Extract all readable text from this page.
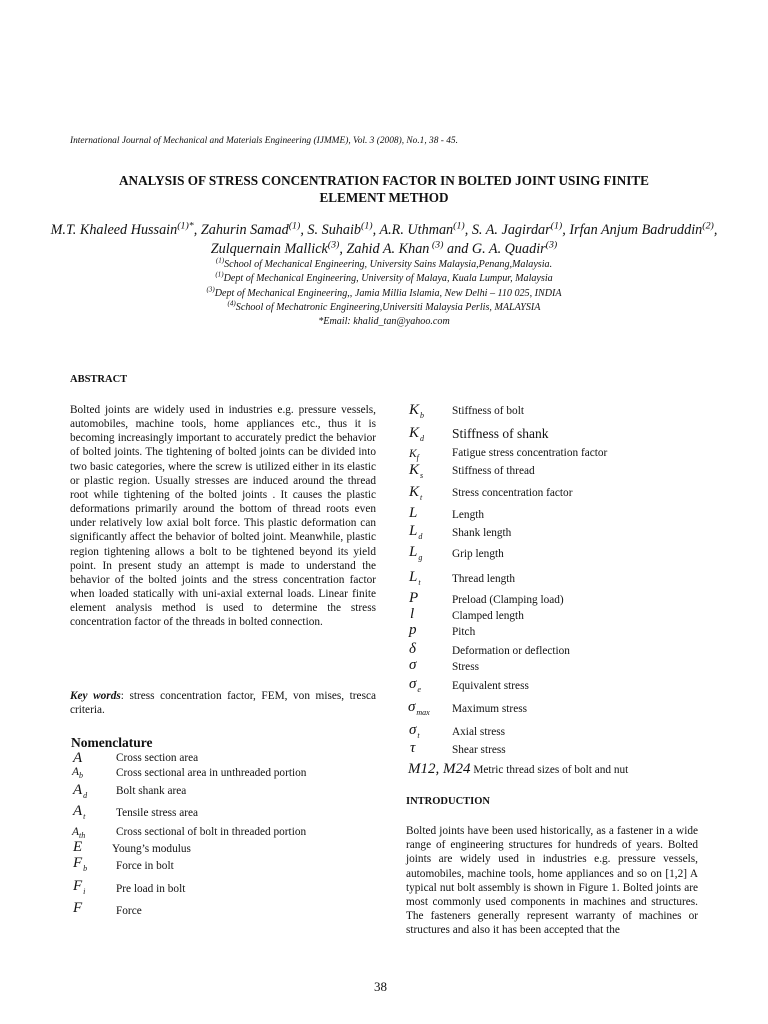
International Journal of Mechanical and Materials Engineering (IJMME), Vol. 3 (2008), No.1, 38 - 45.
ANALYSIS OF STRESS CONCENTRATION FACTOR IN BOLTED JOINT USING FINITE
ELEMENT METHOD
M.T. Khaleed Hussain$^{(1)*}$, Zahurin Samad$^{(1)}$, S. Suhaib$^{(1)}$, A.R. Uthman$^{(1)}$, S. A. Jagirdar$^{(1)}$, Irfan Anjum Badruddin$^{(2)}$, Zulquernain Mallick$^{(3)}$, Zahid A. Khan $^{(3)}$ and G. A. Quadir$^{(3)}$
$^{(1)}$School of Mechanical Engineering, University Sains Malaysia,Penang,Malaysia.
$^{(1)}$Dept of Mechanical Engineering, University of Malaya, Kuala Lumpur, Malaysia
$^{(3)}$Dept of Mechanical Engineering,, Jamia Millia Islamia, New Delhi – 110 025, INDIA
$^{(4)}$School of Mechatronic Engineering,Universiti Malaysia Perlis, MALAYSIA
*Email: khalid_tan@yahoo.com
ABSTRACT
Bolted joints are widely used in industries e.g. pressure vessels, automobiles, machine tools, home appliances etc., thus it is becoming increasingly important to accurately predict the behavior of bolted joints. The tightening of bolted joints can be divided into two basic categories, where the screw is utilized either in its elastic or plastic region. Usually stresses are induced around the thread root while tightening of the bolted joints . It causes the plastic deformations primarily around the bottom of thread roots even under relatively low axial bolt force. This plastic deformation can significantly affect the behavior of bolted joint. Meanwhile, plastic region tightening allows a bolt to be tightened beyond its yield point. In present study an attempt is made to understand the behavior of the bolted joints and the stress concentration factor when loaded statically with uni-axial external loads. Linear finite element analysis method is used to determine the stress concentration factor of the threads in bolted connection.
Key words: stress concentration factor, FEM, von mises, tresca criteria.
Nomenclature
A	Cross section area
$A_b$	Cross sectional area in unthreaded portion
$A_d$	Bolt shank area
$A_t$	Tensile stress area
$A_{th}$	Cross sectional of bolt in threaded portion
E	Young’s modulus
$F_b$	Force in bolt
$F_i$	Pre load in bolt
F	Force
$K_b$ Stiffness of bolt
$K_d$ Stiffness of shank
$K_f$	Fatigue stress concentration factor
$K_s$	Stiffness of thread
$K_t$	Stress concentration factor
L	Length
$L_d$	Shank length
$L_g$	Grip length
$L_t$	Thread length
P	Preload (Clamping load)
l	Clamped length
p	Pitch
δ	Deformation or deflection
σ	Stress
$\sigma_e$	Equivalent stress
$\sigma_{max}$ Maximum stress
$\sigma_t$	Axial stress
τ	Shear stress
M12, M24 Metric thread sizes of bolt and nut
INTRODUCTION
Bolted joints have been used historically, as a fastener in a wide range of engineering structures for hundreds of years. Bolted joints are widely used in industries e.g. pressure vessels, automobiles, machine tools, home appliances and so on [1,2] A typical nut bolt assembly is shown in Figure 1. Bolted joints are most commonly used components in machines and structures. The fasteners generally represent warranty of machines or structures and also it has been accepted that the
38
